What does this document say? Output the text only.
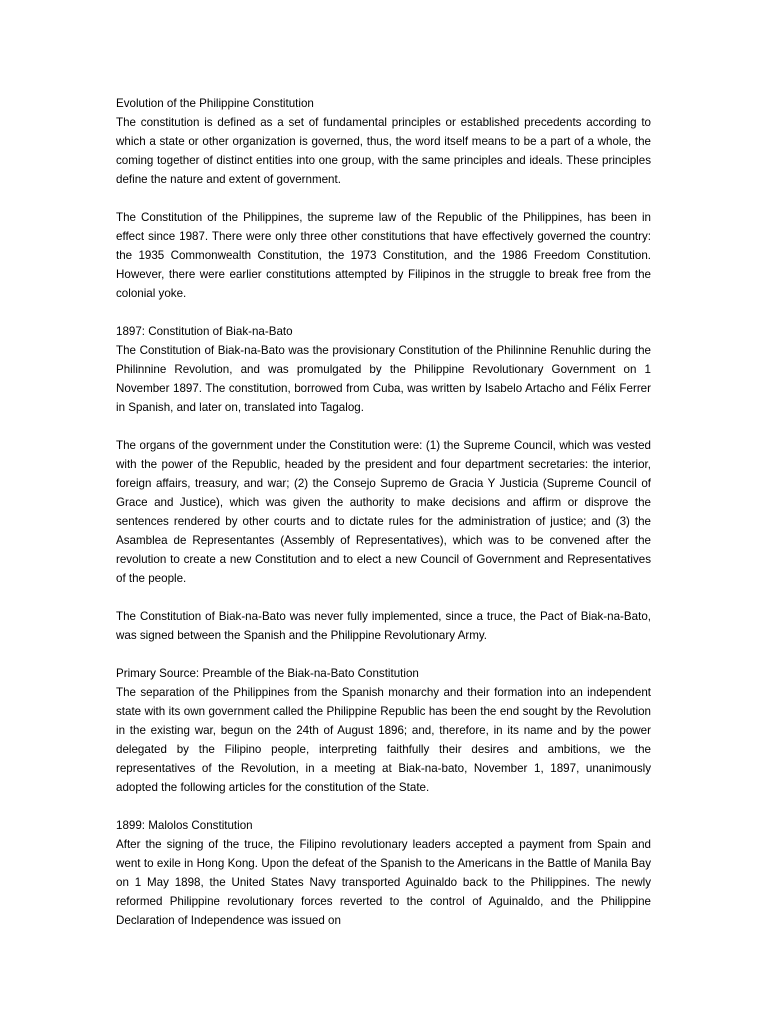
Evolution of the Philippine Constitution

The constitution is defined as a set of fundamental principles or established precedents according to which a state or other organization is governed, thus, the word itself means to be a part of a whole, the coming together of distinct entities into one group, with the same principles and ideals. These principles define the nature and extent of government.

The Constitution of the Philippines, the supreme law of the Republic of the Philippines, has been in effect since 1987. There were only three other constitutions that have effectively governed the country: the 1935 Commonwealth Constitution, the 1973 Constitution, and the 1986 Freedom Constitution. However, there were earlier constitutions attempted by Filipinos in the struggle to break free from the colonial yoke.

1897: Constitution of Biak-na-Bato

The Constitution of Biak-na-Bato was the provisionary Constitution of the Philinnine Renuhlic during the Philinnine Revolution, and was promulgated by the Philippine Revolutionary Government on 1 November 1897. The constitution, borrowed from Cuba, was written by Isabelo Artacho and Félix Ferrer in Spanish, and later on, translated into Tagalog.

The organs of the government under the Constitution were: (1) the Supreme Council, which was vested with the power of the Republic, headed by the president and four department secretaries: the interior, foreign affairs, treasury, and war; (2) the Consejo Supremo de Gracia Y Justicia (Supreme Council of Grace and Justice), which was given the authority to make decisions and affirm or disprove the sentences rendered by other courts and to dictate rules for the administration of justice; and (3) the Asamblea de Representantes (Assembly of Representatives), which was to be convened after the revolution to create a new Constitution and to elect a new Council of Government and Representatives of the people.

The Constitution of Biak-na-Bato was never fully implemented, since a truce, the Pact of Biak-na-Bato, was signed between the Spanish and the Philippine Revolutionary Army.

Primary Source: Preamble of the Biak-na-Bato Constitution

The separation of the Philippines from the Spanish monarchy and their formation into an independent state with its own government called the Philippine Republic has been the end sought by the Revolution in the existing war, begun on the 24th of August 1896; and, therefore, in its name and by the power delegated by the Filipino people, interpreting faithfully their desires and ambitions, we the representatives of the Revolution, in a meeting at Biak-na-bato, November 1, 1897, unanimously adopted the following articles for the constitution of the State.

1899: Malolos Constitution

After the signing of the truce, the Filipino revolutionary leaders accepted a payment from Spain and went to exile in Hong Kong. Upon the defeat of the Spanish to the Americans in the Battle of Manila Bay on 1 May 1898, the United States Navy transported Aguinaldo back to the Philippines. The newly reformed Philippine revolutionary forces reverted to the control of Aguinaldo, and the Philippine Declaration of Independence was issued on
